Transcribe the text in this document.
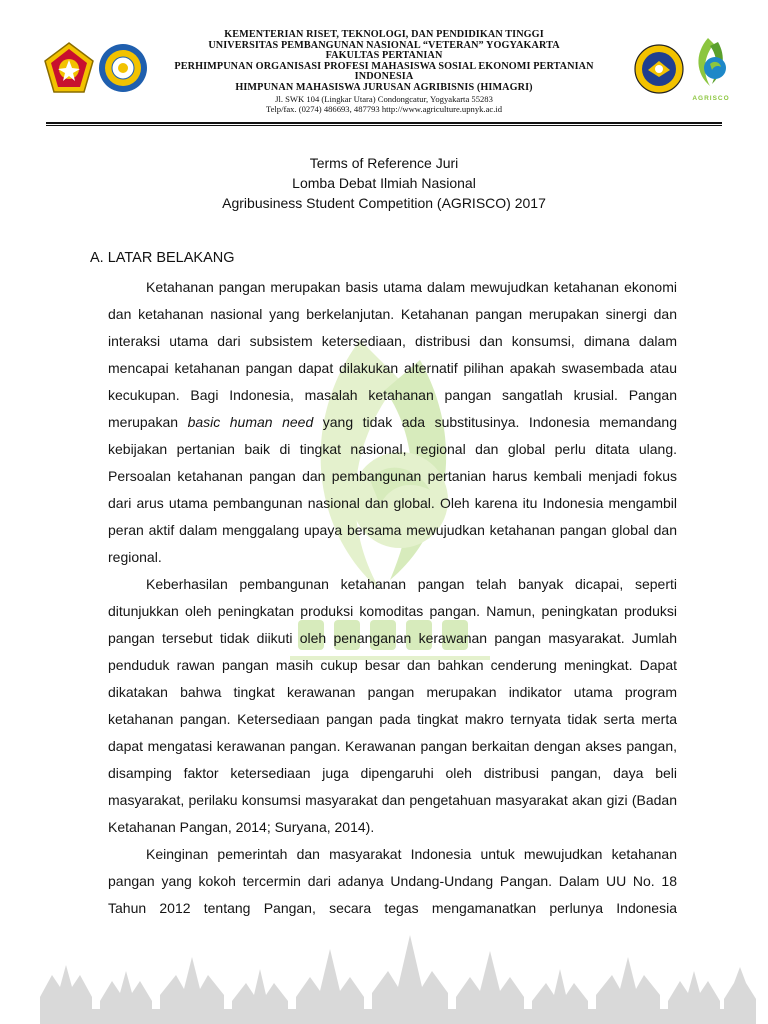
KEMENTERIAN RISET, TEKNOLOGI, DAN PENDIDIKAN TINGGI
UNIVERSITAS PEMBANGUNAN NASIONAL “VETERAN” YOGYAKARTA
FAKULTAS PERTANIAN
PERHIMPUNAN ORGANISASI PROFESI MAHASISWA SOSIAL EKONOMI PERTANIAN
INDONESIA
HIMPUNAN MAHASISWA JURUSAN AGRIBISNIS (HIMAGRI)
Jl. SWK 104 (Lingkar Utara) Condongcatur, Yogyakarta 55283
Telp/fax. (0274) 486693, 487793 http://www.agriculture.upnyk.ac.id
AGRISCO
Terms of Reference Juri
Lomba Debat Ilmiah Nasional
Agribusiness Student Competition (AGRISCO) 2017
A. LATAR BELAKANG

Ketahanan pangan merupakan basis utama dalam mewujudkan ketahanan ekonomi dan ketahanan nasional yang berkelanjutan. Ketahanan pangan merupakan sinergi dan interaksi utama dari subsistem ketersediaan, distribusi dan konsumsi, dimana dalam mencapai ketahanan pangan dapat dilakukan alternatif pilihan apakah swasembada atau kecukupan. Bagi Indonesia, masalah ketahanan pangan sangatlah krusial. Pangan merupakan basic human need yang tidak ada substitusinya. Indonesia memandang kebijakan pertanian baik di tingkat nasional, regional dan global perlu ditata ulang. Persoalan ketahanan pangan dan pembangunan pertanian harus kembali menjadi fokus dari arus utama pembangunan nasional dan global. Oleh karena itu Indonesia mengambil peran aktif dalam menggalang upaya bersama mewujudkan ketahanan pangan global dan regional.

Keberhasilan pembangunan ketahanan pangan telah banyak dicapai, seperti ditunjukkan oleh peningkatan produksi komoditas pangan. Namun, peningkatan produksi pangan tersebut tidak diikuti oleh penanganan kerawanan pangan masyarakat. Jumlah penduduk rawan pangan masih cukup besar dan bahkan cenderung meningkat. Dapat dikatakan bahwa tingkat kerawanan pangan merupakan indikator utama program ketahanan pangan. Ketersediaan pangan pada tingkat makro ternyata tidak serta merta dapat mengatasi kerawanan pangan. Kerawanan pangan berkaitan dengan akses pangan, disamping faktor ketersediaan juga dipengaruhi oleh distribusi pangan, daya beli masyarakat, perilaku konsumsi masyarakat dan pengetahuan masyarakat akan gizi (Badan Ketahanan Pangan, 2014; Suryana, 2014).

Keinginan pemerintah dan masyarakat Indonesia untuk mewujudkan ketahanan pangan yang kokoh tercermin dari adanya Undang-Undang Pangan. Dalam UU No. 18 Tahun 2012 tentang Pangan, secara tegas mengamanatkan perlunya Indonesia
